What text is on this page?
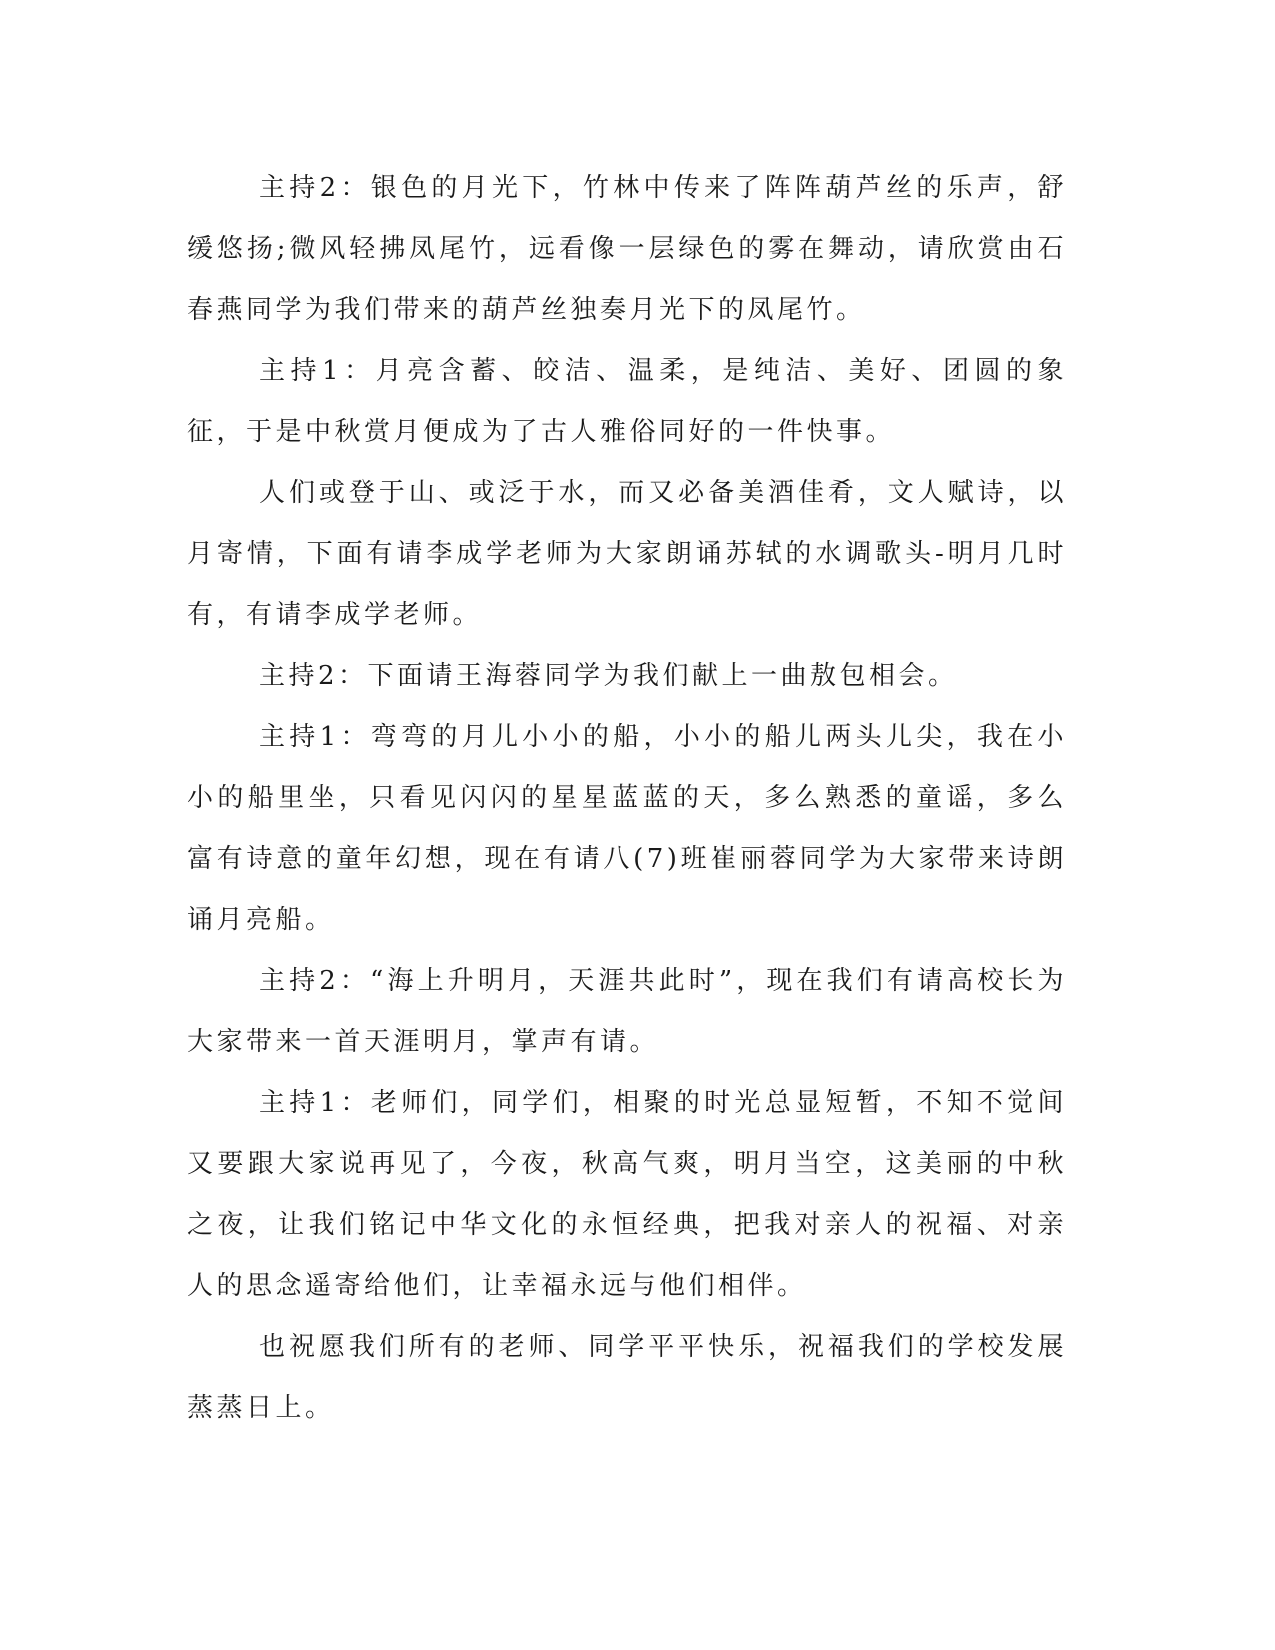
主持2：银色的月光下，竹林中传来了阵阵葫芦丝的乐声，舒缓悠扬;微风轻拂凤尾竹，远看像一层绿色的雾在舞动，请欣赏由石春燕同学为我们带来的葫芦丝独奏月光下的凤尾竹。

主持1：月亮含蓄、皎洁、温柔，是纯洁、美好、团圆的象征，于是中秋赏月便成为了古人雅俗同好的一件快事。

人们或登于山、或泛于水，而又必备美酒佳肴，文人赋诗，以月寄情，下面有请李成学老师为大家朗诵苏轼的水调歌头-明月几时有，有请李成学老师。

主持2：下面请王海蓉同学为我们献上一曲敖包相会。

主持1：弯弯的月儿小小的船，小小的船儿两头儿尖，我在小小的船里坐，只看见闪闪的星星蓝蓝的天，多么熟悉的童谣，多么富有诗意的童年幻想，现在有请八(7)班崔丽蓉同学为大家带来诗朗诵月亮船。

主持2：“海上升明月，天涯共此时”，现在我们有请高校长为大家带来一首天涯明月，掌声有请。

主持1：老师们，同学们，相聚的时光总显短暂，不知不觉间又要跟大家说再见了，今夜，秋高气爽，明月当空，这美丽的中秋之夜，让我们铭记中华文化的永恒经典，把我对亲人的祝福、对亲人的思念遥寄给他们，让幸福永远与他们相伴。

也祝愿我们所有的老师、同学平平快乐，祝福我们的学校发展蒸蒸日上。
